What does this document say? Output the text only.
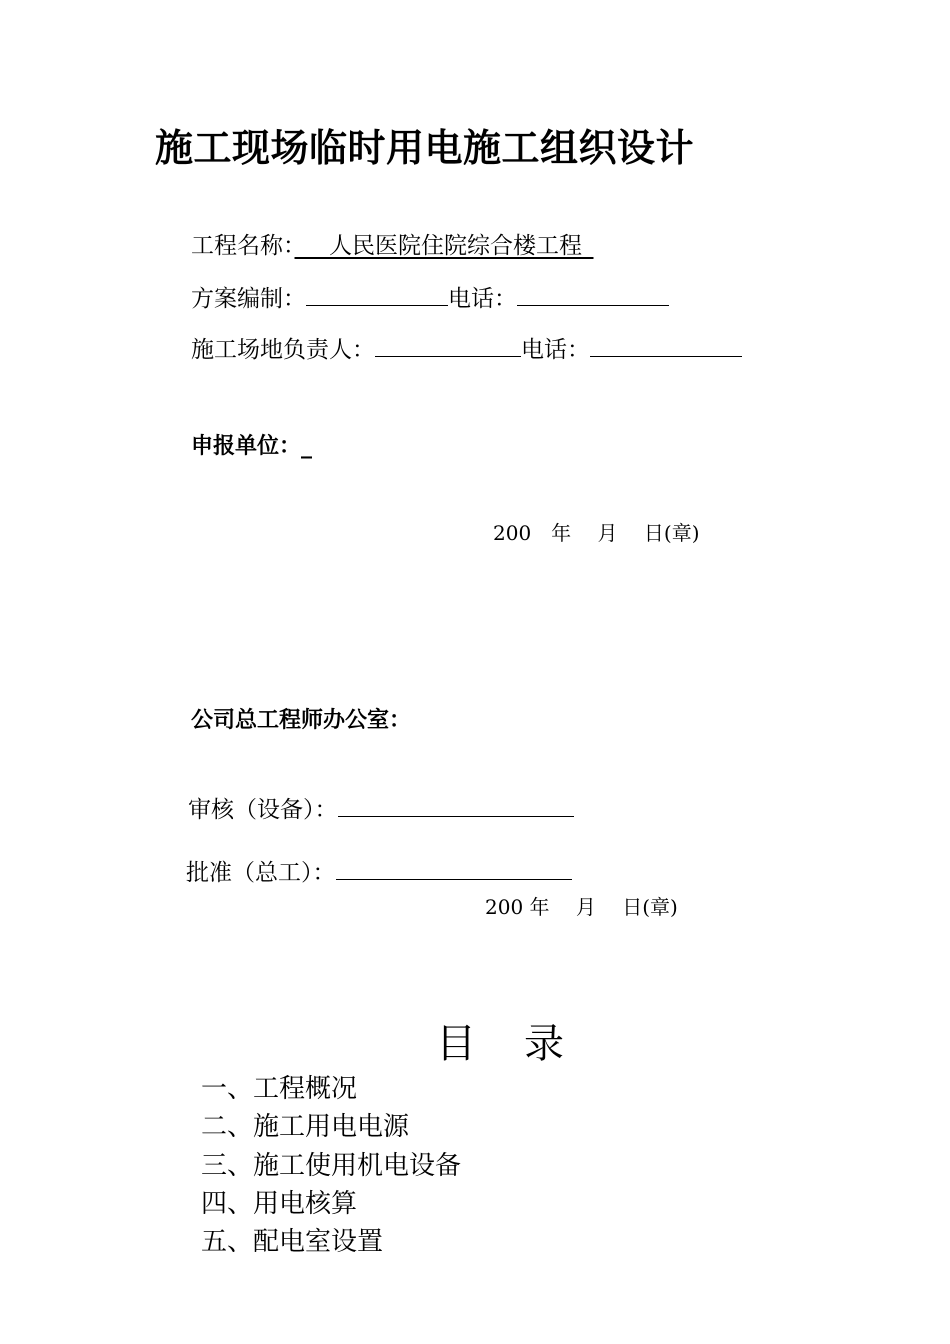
施工现场临时用电施工组织设计
工程名称：　  人民医院住院综合楼工程 
方案编制：	电话：
施工场地负责人：	电话：
申报单位：_
200　年　 月　 日(章)
公司总工程师办公室：
审核（设备）：
批准（总工）：
200 年　 月　 日(章)
目　录
一、工程概况
二、施工用电电源
三、施工使用机电设备
四、用电核算
五、配电室设置
